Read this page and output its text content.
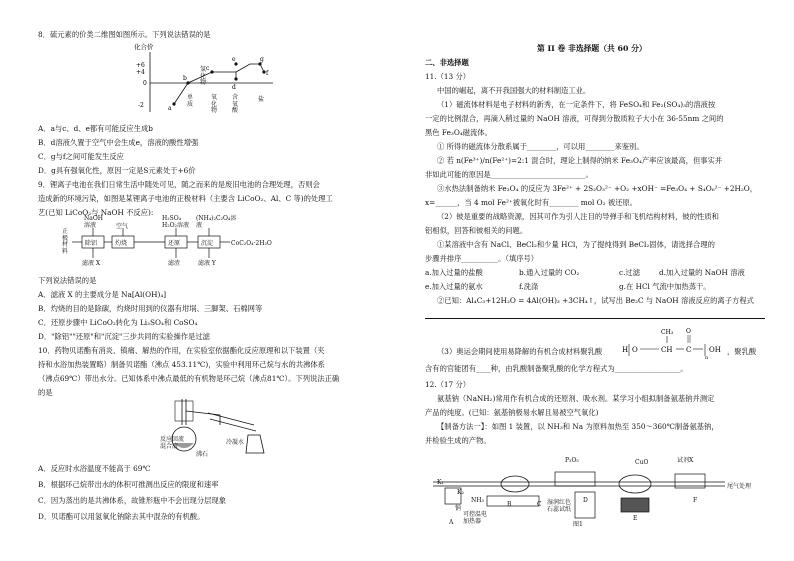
8．硫元素的价类二维图如图所示。下列说法错误的是
化合价
+6
+4
0
-2	a
b
c
d
e	g
f
氢化物
单质
氧化物
含氧酸
盐
A．a与c、d、e都有可能反应生成b
B．d溶液久置于空气中会生成e，溶液的酸性增强
C．g与f之间可能发生反应
D．g具有强氧化性，原因一定是S元素处于+6价
9．锂离子电池在我们日常生活中随处可见，随之而来的是废旧电池的合理处理，否则会
造成新的环境污染，如图是某锂离子电池的正极材料（主要含 LiCoO₂、Al、C 等)的处理工
艺(已知 LiCoO₂与 NaOH 不反应):
正极材料
NaOH溶液	空气
H₂SO₄ H₂O₂溶液
(NH₄)₂C₂O₄溶液
除铝	灼烧	还原	沉淀	CoC₂O₄·2H₂O
滤液 X	滤渣	滤液 Y
下列说法错误的是
A．滤液 X 的主要成分是 Na[Al(OH)₄]
B．灼烧的目的是除碳，灼烧时用到的仪器有坩埚、三脚架、石棉网等
C．还原步骤中 LiCoO₂转化为 Li₂SO₄和 CoSO₄
D．"除铝""还原"和"沉淀"三步共同的实验操作是过滤
10．药物贝诺酯有消炎、镇痛、解热的作用，在实验室依据酯化反应原理和以下装置（夹
持和水浴加热装置略）制备贝诺酯（沸点 453.11℃)，实验中利用环己烷与水的共沸体系
（沸点69℃）带出水分。已知体系中沸点最低的有机物是环己烷（沸点81℃）。下列说法正确
的是
反应回流
混合液
沸石
冷凝水
A．反应时水浴温度不能高于 69℃
B．根据环己烷带出水的体积可推测出反应的限度和速率
C．因为蒸出的是共沸体系，故锥形瓶中不会出现分层现象
D．贝诺酯可以用氢氧化钠除去其中混杂的有机酸。
第 II 卷 非选择题（共 60 分）
二、非选择题
11.（13 分）
中国的崛起，离不开我国强大的材料制造工业。
（1）磁流体材料是电子材料的新秀，在一定条件下，将 FeSO₄和 Fe₂(SO₄)₃的溶液按
一定的比例混合，再滴入稍过量的 NaOH 溶液，可得到分散质粒子大小在 36-55nm 之间的
黑色 Fe₃O₄磁流体。
① 所得的磁流体分散系属于________，可以用________来鉴别。
② 若 n(Fe³⁺)/n(Fe²⁺)=2:1 混合时，理论上制得的纳米 Fe₃O₄产率应该最高，但事实并
非如此可能的原因是__________________________。
③水热法制备纳米 Fe₃O₄ 的反应为 3Fe²⁺ + 2S₂O₃²⁻ +O₂ +xOH⁻ =Fe₃O₄ + S₄O₆²⁻ +2H₂O，
x=______，当 4 mol Fe²⁺被氧化时有________ mol O₂ 被还原。
（2）铍是重要的战略资源，因其可作为引人注目的导弹手和飞机结构材料，铍的性质和
铝相似，回答和铍相关的问题。
①某溶液中含有 NaCl、BeCl₂和少量 HCl，为了提纯得到 BeCl₂固体，请选择合理的
步骤并排序__________。（填序号）
a.加入过量的盐酸	b.通入过量的 CO₂	c.过滤	d.加入过量的 NaOH 溶液
e.加入过量的氨水	f.洗涤	g.在 HCl 气流中加热蒸干。
②已知：Al₄C₃+12H₂O = 4Al(OH)₃ +3CH₄↑，试写出 Be₂C 与 NaOH 溶液反应的离子方程式
（3）奥运会期间使用易降解的有机合成材料聚乳酸	H O	CH
CH₃
C
O
OH
n
，聚乳酸
含有的官能团有____种，由乳酸制备聚乳酸的化学方程式为__________________。
12.（17 分）
氨基钠（NaNH₂)常用作有机合成的还原剂、吸水剂。某学习小组拟制备氨基钠并测定
产品的纯度。(已知：氨基钠极易水解且易被空气氧化)
【制备方法一】：如图 1 装置，以 NH₃和 Na 为原料加热至 350～360℃制备氨基钠，
并检验生成的产物。
P₂O₅	CuO	试剂X
尾气处理
K₁
K₂
NH₃
钠
可控温电加热器
湿润红色石蕊试纸
A
B	C
D
E
F
图1
